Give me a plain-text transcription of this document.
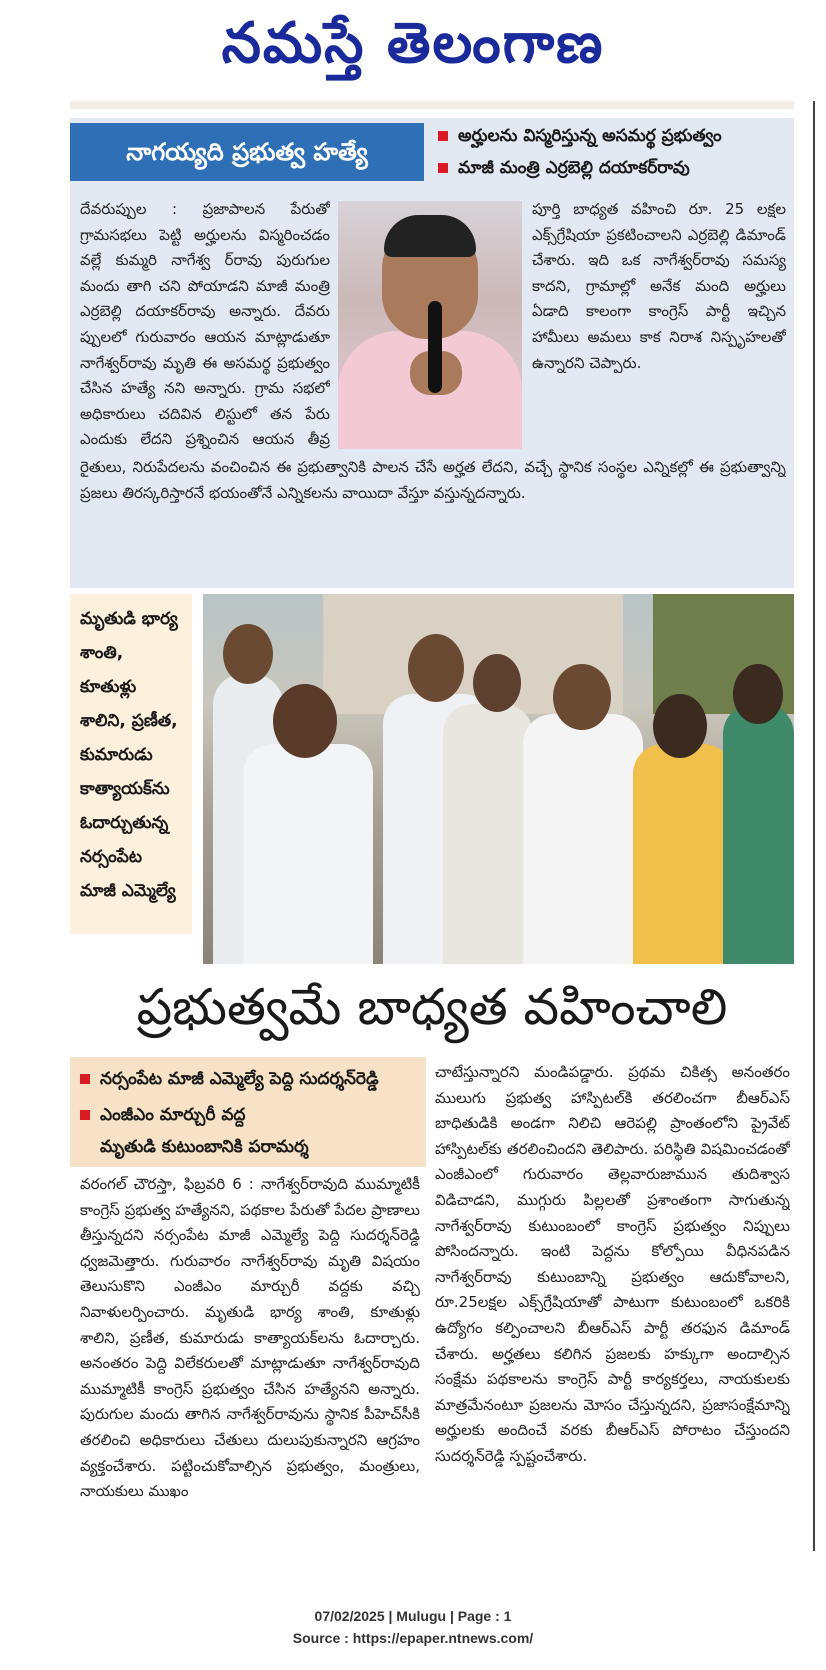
నమస్తే తెలంగాణ
నాగయ్యది ప్రభుత్వ హత్యే
అర్హులను విస్మరిస్తున్న అసమర్థ ప్రభుత్వం
మాజీ మంత్రి ఎర్రబెల్లి దయాకర్‌రావు
దేవరుప్పుల : ప్రజాపాలన పేరుతో గ్రామసభలు పెట్టి అర్హులను విస్మరించడం వల్లే కుమ్మరి నాగేశ్వ ర్‌రావు పురుగుల మందు తాగి చని పోయాడని మాజీ మంత్రి ఎర్రబెల్లి దయాకర్‌రావు అన్నారు. దేవరు ప్పులలో గురువారం ఆయన మాట్లాడుతూ నాగేశ్వర్‌రావు మృతి ఈ అసమర్థ ప్రభుత్వం చేసిన హత్యే నని అన్నారు. గ్రామ సభలో అధికారులు చదివిన లిస్టులో తన పేరు ఎందుకు లేదని ప్రశ్నించిన ఆయన తీవ్ర
పూర్తి బాధ్యత వహించి రూ. 25 లక్షల ఎక్స్‌గ్రేషియా ప్రకటించాలని ఎర్రబెల్లి డిమాండ్ చేశారు. ఇది ఒక నాగేశ్వర్‌రావు సమస్య కాదని, గ్రామాల్లో అనేక మంది అర్హులు ఏడాది కాలంగా కాంగ్రెస్ పార్టీ ఇచ్చిన హామీలు అమలు కాక నిరాశ నిస్పృహలతో ఉన్నారని చెప్పారు.
రైతులు, నిరుపేదలను వంచించిన ఈ ప్రభుత్వానికి పాలన చేసే అర్హత లేదని, వచ్చే స్థానిక సంస్థల ఎన్నికల్లో ఈ ప్రభుత్వాన్ని ప్రజలు తిరస్కరిస్తారనే భయంతోనే ఎన్నికలను వాయిదా వేస్తూ వస్తున్నదన్నారు.
మృతుడి భార్య
శాంతి,
కూతుళ్లు
శాలిని, ప్రణీత,
కుమారుడు
కాత్యాయక్‌ను
ఓదార్చుతున్న
నర్సంపేట
మాజీ ఎమ్మెల్యే
ప్రభుత్వమే బాధ్యత వహించాలి
నర్సంపేట మాజీ ఎమ్మెల్యే పెద్ది సుదర్శన్‌రెడ్డి
ఎంజీఎం మార్చురీ వద్ద
మృతుడి కుటుంబానికి పరామర్శ
వరంగల్ చౌరస్తా, ఫిబ్రవరి 6 : నాగేశ్వర్‌రావుది ముమ్మాటికీ కాంగ్రెస్ ప్రభుత్వ హత్యేనని, పథకాల పేరుతో పేదల ప్రాణాలు తీస్తున్నదని నర్సంపేట మాజీ ఎమ్మెల్యే పెద్ది సుదర్శన్‌రెడ్డి ధ్వజమెత్తారు. గురువారం నాగేశ్వర్‌రావు మృతి విషయం తెలుసుకొని ఎంజీఎం మార్చురీ వద్దకు వచ్చి నివాళులర్పించారు. మృతుడి భార్య శాంతి, కూతుళ్లు శాలిని, ప్రణీత, కుమారుడు కాత్యాయక్‌లను ఓదార్చారు. అనంతరం పెద్ది విలేకరులతో మాట్లాడుతూ నాగేశ్వర్‌రావుది ముమ్మాటికీ కాంగ్రెస్ ప్రభుత్వం చేసిన హత్యేనని అన్నారు. పురుగుల మందు తాగిన నాగేశ్వర్‌రావును స్థానిక పీహెచ్‌సీకి తరలించి అధికారులు చేతులు దులుపుకున్నారని ఆగ్రహం వ్యక్తంచేశారు. పట్టించుకోవాల్సిన ప్రభుత్వం, మంత్రులు, నాయకులు ముఖం
చాటేస్తున్నారని మండిపడ్డారు. ప్రథమ చికిత్స అనంతరం ములుగు ప్రభుత్వ హాస్పిటల్‌కి తరలించగా బీఆర్‌ఎస్ బాధితుడికి అండగా నిలిచి ఆరెపల్లి ప్రాంతంలోని ప్రైవేట్ హాస్పిటల్‌కు తరలించిందని తెలిపారు. పరిస్థితి విషమించడంతో ఎంజీఎంలో గురువారం తెల్లవారుజామున తుదిశ్వాస విడిచాడని, ముగ్గురు పిల్లలతో ప్రశాంతంగా సాగుతున్న నాగేశ్వర్‌రావు కుటుంబంలో కాంగ్రెస్ ప్రభుత్వం నిప్పులు పోసిందన్నారు. ఇంటి పెద్దను కోల్పోయి వీధినపడిన నాగేశ్వర్‌రావు కుటుంబాన్ని ప్రభుత్వం ఆదుకోవాలని, రూ.25లక్షల ఎక్స్‌గ్రేషియాతో పాటుగా కుటుంబంలో ఒకరికి ఉద్యోగం కల్పించాలని బీఆర్‌ఎస్ పార్టీ తరఫున డిమాండ్ చేశారు. అర్హతలు కలిగిన ప్రజలకు హక్కుగా అందాల్సిన సంక్షేమ పథకాలను కాంగ్రెస్ పార్టీ కార్యకర్తలు, నాయకులకు మాత్రమేనంటూ ప్రజలను మోసం చేస్తున్నదని, ప్రజాసంక్షేమాన్ని అర్హులకు అందించే వరకు బీఆర్‌ఎస్ పోరాటం చేస్తుందని సుదర్శన్‌రెడ్డి స్పష్టంచేశారు.
07/02/2025 | Mulugu | Page : 1
Source : https://epaper.ntnews.com/
